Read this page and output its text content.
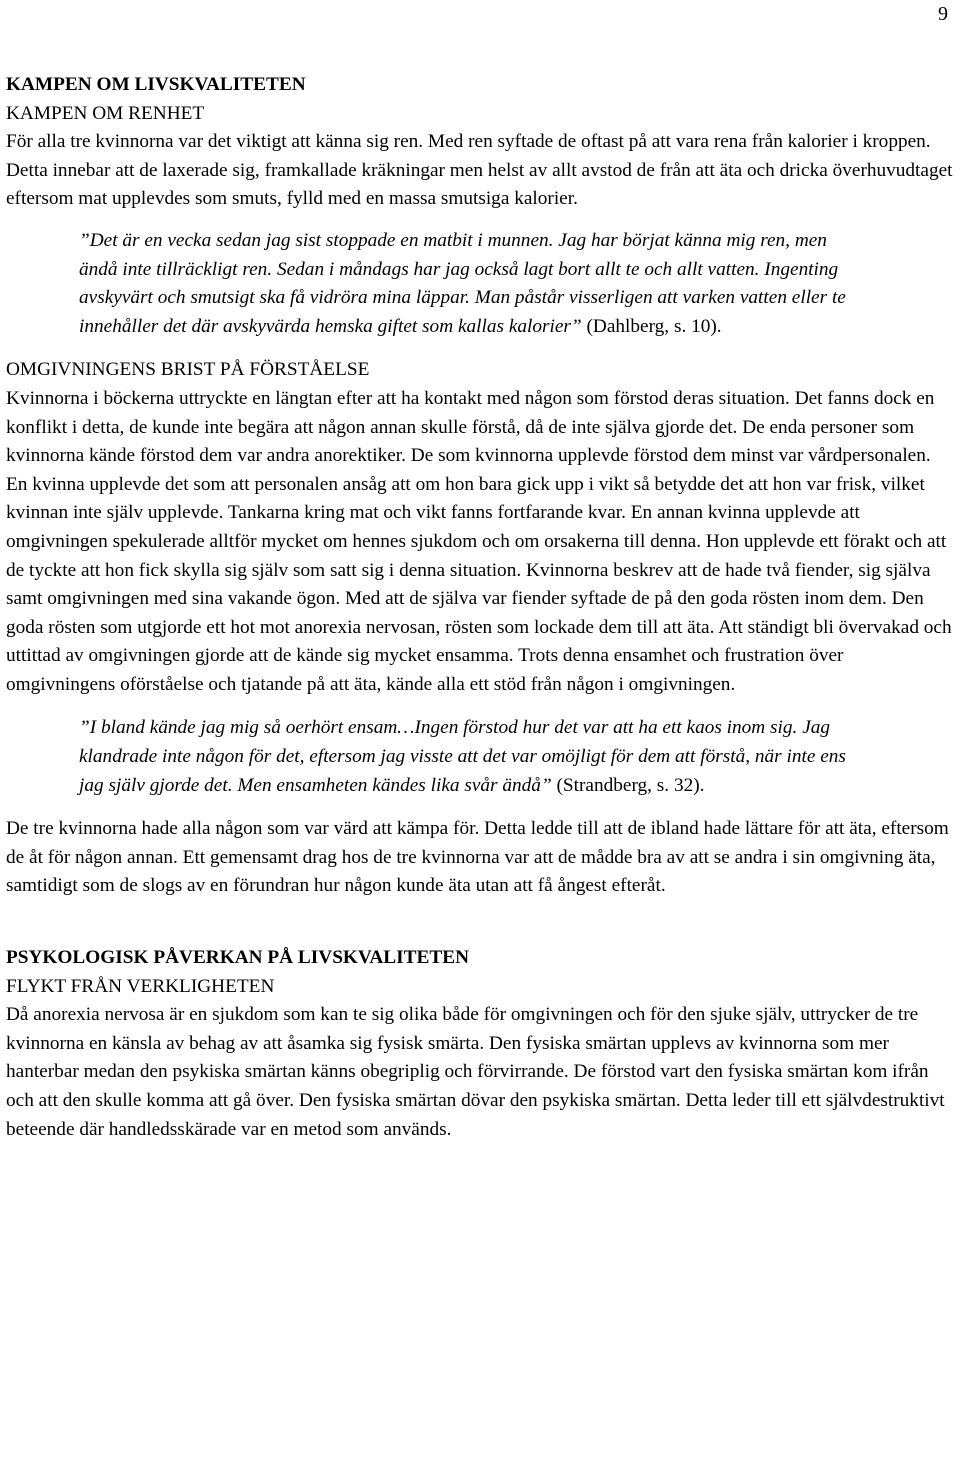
9
KAMPEN OM LIVSKVALITETEN
KAMPEN OM RENHET

För alla tre kvinnorna var det viktigt att känna sig ren. Med ren syftade de oftast på att vara rena från kalorier i kroppen. Detta innebar att de laxerade sig, framkallade kräkningar men helst av allt avstod de från att äta och dricka överhuvudtaget eftersom mat upplevdes som smuts, fylld med en massa smutsiga kalorier.

”Det är en vecka sedan jag sist stoppade en matbit i munnen. Jag har börjat känna mig ren, men ändå inte tillräckligt ren. Sedan i måndags har jag också lagt bort allt te och allt vatten. Ingenting avskyvärt och smutsigt ska få vidröra mina läppar. Man påstår visserligen att varken vatten eller te innehåller det där avskyvärda hemska giftet som kallas kalorier” (Dahlberg, s. 10).

OMGIVNINGENS BRIST PÅ FÖRSTÅELSE

Kvinnorna i böckerna uttryckte en längtan efter att ha kontakt med någon som förstod deras situation. Det fanns dock en konflikt i detta, de kunde inte begära att någon annan skulle förstå, då de inte själva gjorde det. De enda personer som kvinnorna kände förstod dem var andra anorektiker. De som kvinnorna upplevde förstod dem minst var vårdpersonalen. En kvinna upplevde det som att personalen ansåg att om hon bara gick upp i vikt så betydde det att hon var frisk, vilket kvinnan inte själv upplevde. Tankarna kring mat och vikt fanns fortfarande kvar. En annan kvinna upplevde att omgivningen spekulerade alltför mycket om hennes sjukdom och om orsakerna till denna. Hon upplevde ett förakt och att de tyckte att hon fick skylla sig själv som satt sig i denna situation. Kvinnorna beskrev att de hade två fiender, sig själva samt omgivningen med sina vakande ögon. Med att de själva var fiender syftade de på den goda rösten inom dem. Den goda rösten som utgjorde ett hot mot anorexia nervosan, rösten som lockade dem till att äta. Att ständigt bli övervakad och uttittad av omgivningen gjorde att de kände sig mycket ensamma. Trots denna ensamhet och frustration över omgivningens oförståelse och tjatande på att äta, kände alla ett stöd från någon i omgivningen.

”I bland kände jag mig så oerhört ensam…Ingen förstod hur det var att ha ett kaos inom sig. Jag klandrade inte någon för det, eftersom jag visste att det var omöjligt för dem att förstå, när inte ens jag själv gjorde det. Men ensamheten kändes lika svår ändå” (Strandberg, s. 32).

De tre kvinnorna hade alla någon som var värd att kämpa för. Detta ledde till att de ibland hade lättare för att äta, eftersom de åt för någon annan. Ett gemensamt drag hos de tre kvinnorna var att de mådde bra av att se andra i sin omgivning äta, samtidigt som de slogs av en förundran hur någon kunde äta utan att få ångest efteråt.

PSYKOLOGISK PÅVERKAN PÅ LIVSKVALITETEN
FLYKT FRÅN VERKLIGHETEN

Då anorexia nervosa är en sjukdom som kan te sig olika både för omgivningen och för den sjuke själv, uttrycker de tre kvinnorna en känsla av behag av att åsamka sig fysisk smärta. Den fysiska smärtan upplevs av kvinnorna som mer hanterbar medan den psykiska smärtan känns obegriplig och förvirrande. De förstod vart den fysiska smärtan kom ifrån och att den skulle komma att gå över. Den fysiska smärtan dövar den psykiska smärtan. Detta leder till ett självdestruktivt beteende där handledsskärade var en metod som används.
